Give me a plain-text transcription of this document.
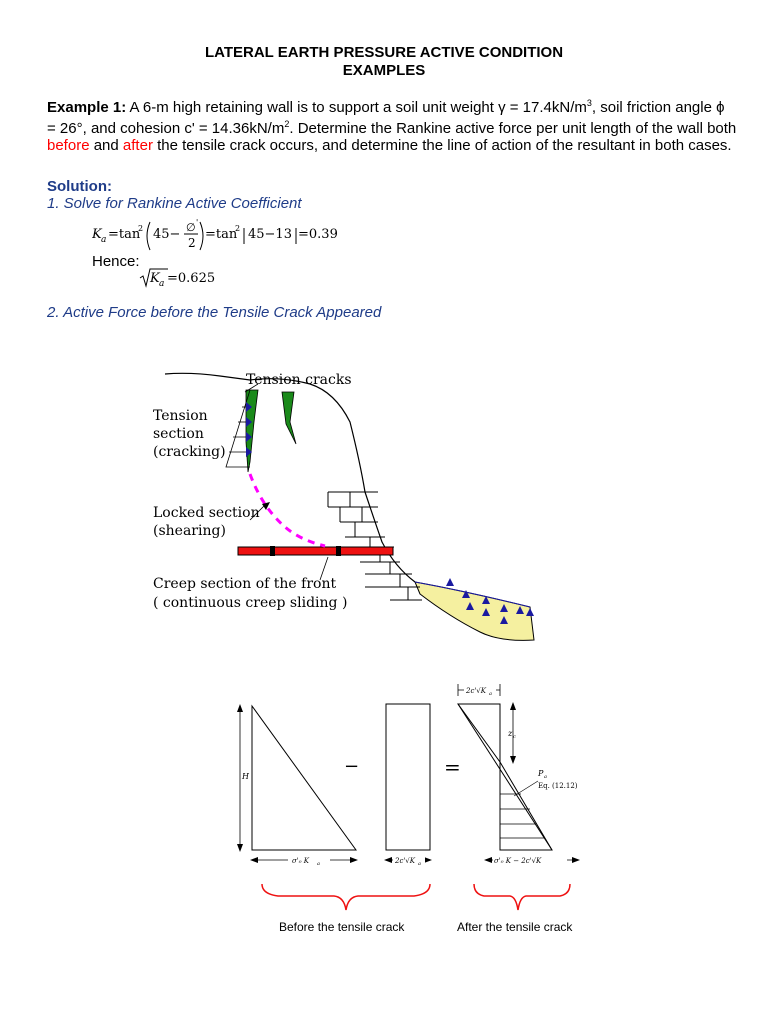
LATERAL EARTH PRESSURE ACTIVE CONDITION
EXAMPLES
Example 1: A 6-m high retaining wall is to support a soil unit weight $\gamma = 17.4kN/m^3$, soil friction angle ϕ = 26°, and cohesion $c' = 14.36kN/m^2$. Determine the Rankine active force per unit length of the wall both before and after the tensile crack occurs, and determine the line of action of the resultant in both cases.
Solution:
1. Solve for Rankine Active Coefficient
K a =tan
2 45− ∅ '
2
=tan
2 45−13 =0.39
Hence:
K a =0.625
2. Active Force before the Tensile Crack Appeared
Tension cracks
Tension
section
(cracking)
Locked section
(shearing)
Creep section of the front
( continuous creep sliding )
H
σ'₀ K a
−
2c'√K a
=
2c'√K a
z c
P a
Eq. (12.12)
σ'₀ K − 2c'√K
Before the tensile crack	After the tensile crack
